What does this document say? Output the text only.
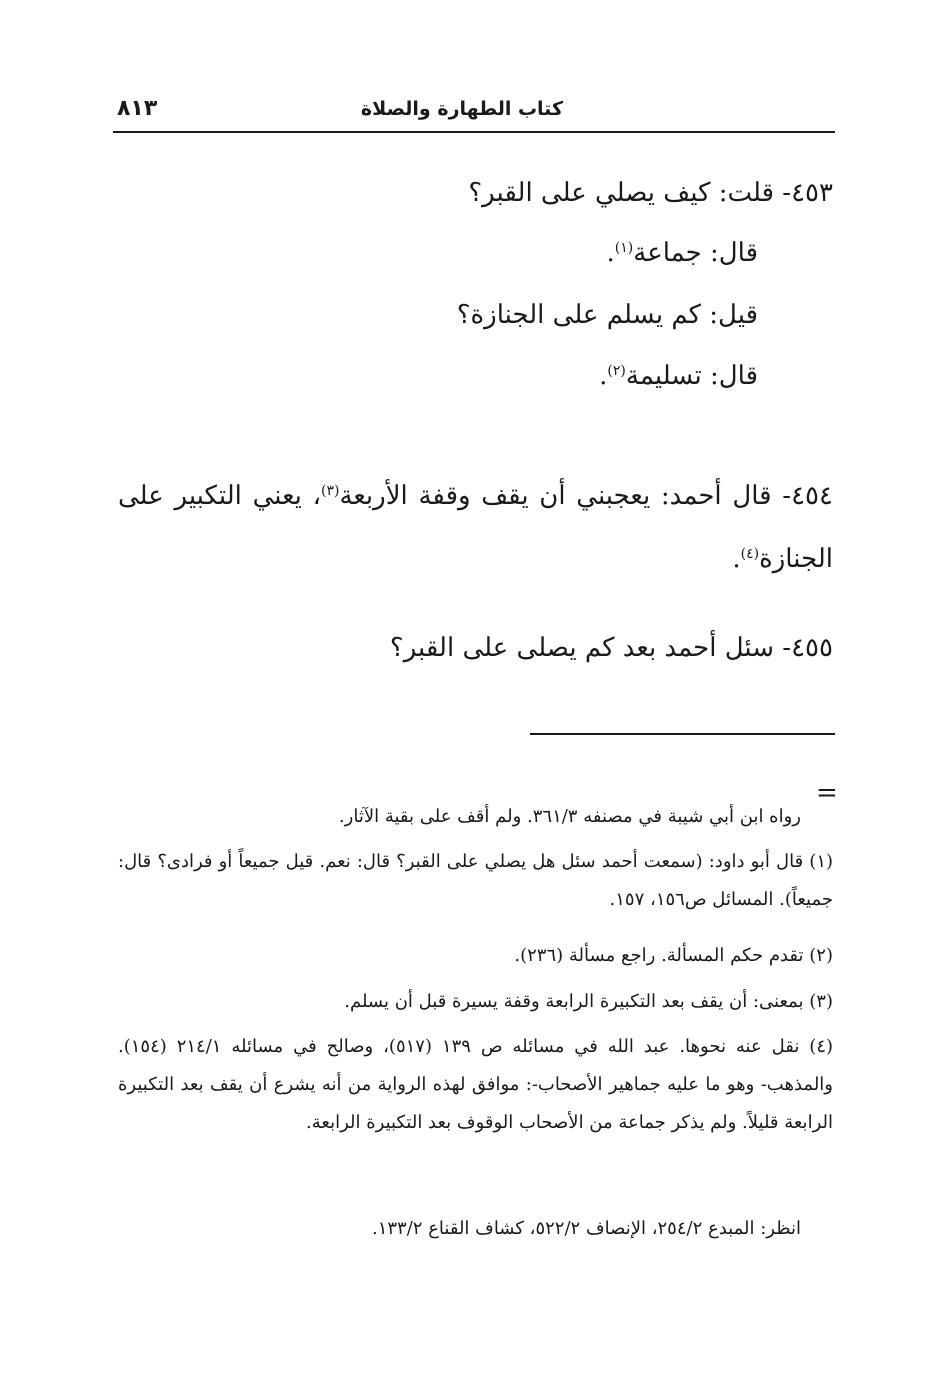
كتاب الطهارة والصلاة
٨١٣
٤٥٣- قلت: كيف يصلي على القبر؟
قال: جماعة$^{(١)}$.
قيل: كم يسلم على الجنازة؟
قال: تسليمة$^{(٢)}$.
٤٥٤- قال أحمد: يعجبني أن يقف وقفة الأربعة$^{(٣)}$، يعني التكبير على الجنازة$^{(٤)}$.
٤٥٥- سئل أحمد بعد كم يصلى على القبر؟
=
رواه ابن أبي شيبة في مصنفه ٣٦١/٣. ولم أقف على بقية الآثار.
(١) قال أبو داود: (سمعت أحمد سئل هل يصلي على القبر؟ قال: نعم. قيل جميعاً أو فرادى؟ قال: جميعاً). المسائل ص١٥٦، ١٥٧.
(٢) تقدم حكم المسألة. راجع مسألة (٢٣٦).
(٣) بمعنى: أن يقف بعد التكبيرة الرابعة وقفة يسيرة قبل أن يسلم.
(٤) نقل عنه نحوها. عبد الله في مسائله ص ١٣٩ (٥١٧)، وصالح في مسائله ٢١٤/١ (١٥٤). والمذهب- وهو ما عليه جماهير الأصحاب-: موافق لهذه الرواية من أنه يشرع أن يقف بعد التكبيرة الرابعة قليلاً. ولم يذكر جماعة من الأصحاب الوقوف بعد التكبيرة الرابعة.
انظر: المبدع ٢٥٤/٢، الإنصاف ٥٢٢/٢، كشاف القناع ١٣٣/٢.
